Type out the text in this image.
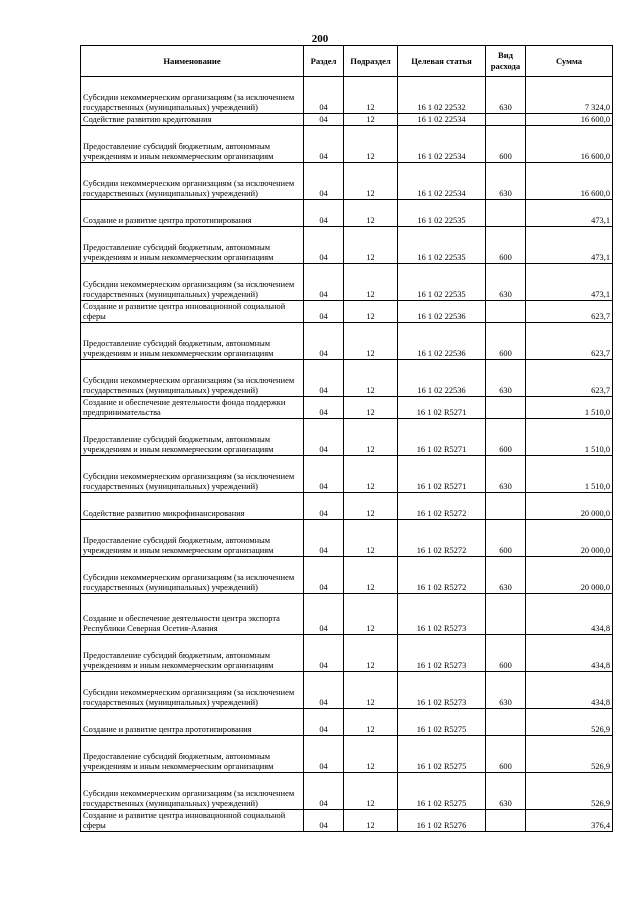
200
Наименование	Раздел	Подраздел	Целевая статья	Вид расхода	Сумма
Субсидии некоммерческим организациям (за исключением государственных (муниципальных) учреждений)	04	12	16 1 02 22532	630	7 324,0
Содействие развитию кредитования	04	12	16 1 02 22534		16 600,0
Предоставление субсидий бюджетным, автономным учреждениям и иным некоммерческим организациям	04	12	16 1 02 22534	600	16 600,0
Субсидии некоммерческим организациям (за исключением государственных (муниципальных) учреждений)	04	12	16 1 02 22534	630	16 600,0
Создание и развитие центра прототипирования	04	12	16 1 02 22535		473,1
Предоставление субсидий бюджетным, автономным учреждениям и иным некоммерческим организациям	04	12	16 1 02 22535	600	473,1
Субсидии некоммерческим организациям (за исключением государственных (муниципальных) учреждений)	04	12	16 1 02 22535	630	473,1
Создание и развитие центра инновационной социальной сферы	04	12	16 1 02 22536		623,7
Предоставление субсидий бюджетным, автономным учреждениям и иным некоммерческим организациям	04	12	16 1 02 22536	600	623,7
Субсидии некоммерческим организациям (за исключением государственных (муниципальных) учреждений)	04	12	16 1 02 22536	630	623,7
Создание и обеспечение деятельности фонда поддержки предпринимательства	04	12	16 1 02 R5271		1 510,0
Предоставление субсидий бюджетным, автономным учреждениям и иным некоммерческим организациям	04	12	16 1 02 R5271	600	1 510,0
Субсидии некоммерческим организациям (за исключением государственных (муниципальных) учреждений)	04	12	16 1 02 R5271	630	1 510,0
Содействие развитию микрофинансирования	04	12	16 1 02 R5272		20 000,0
Предоставление субсидий бюджетным, автономным учреждениям и иным некоммерческим организациям	04	12	16 1 02 R5272	600	20 000,0
Субсидии некоммерческим организациям (за исключением государственных (муниципальных) учреждений)	04	12	16 1 02 R5272	630	20 000,0
Создание и обеспечение деятельности центра экспорта Республики Северная Осетия-Алания	04	12	16 1 02 R5273		434,8
Предоставление субсидий бюджетным, автономным учреждениям и иным некоммерческим организациям	04	12	16 1 02 R5273	600	434,8
Субсидии некоммерческим организациям (за исключением государственных (муниципальных) учреждений)	04	12	16 1 02 R5273	630	434,8
Создание и развитие центра прототипирования	04	12	16 1 02 R5275		526,9
Предоставление субсидий бюджетным, автономным учреждениям и иным некоммерческим организациям	04	12	16 1 02 R5275	600	526,9
Субсидии некоммерческим организациям (за исключением государственных (муниципальных) учреждений)	04	12	16 1 02 R5275	630	526,9
Создание и развитие центра инновационной социальной сферы	04	12	16 1 02 R5276		376,4
